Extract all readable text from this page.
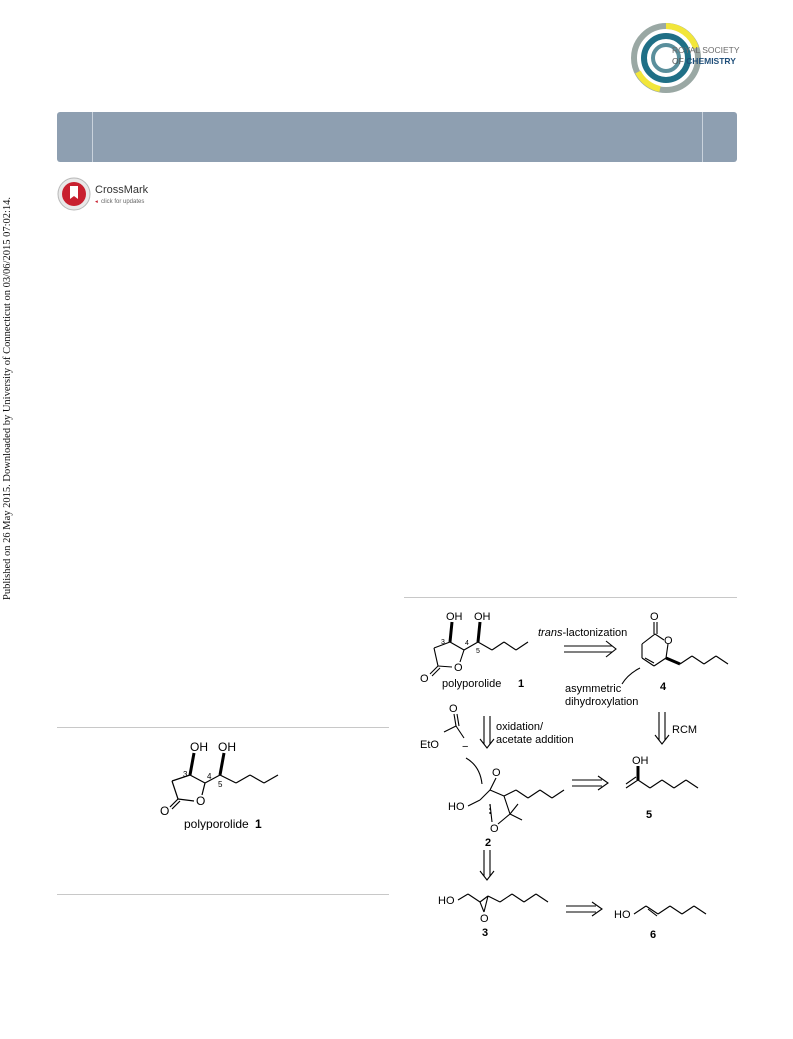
ROYAL SOCIETY
OF CHEMISTRY
CrossMark
◂ click for updates
Published on 26 May 2015. Downloaded by University of Connecticut on 03/06/2015 07:02:14.
OH OH
3 4
5
O
O
polyporolide 1
OH OH
3	4
5
O
O polyporolide 1
trans-lactonization
O
O
4
asymmetric
dihydroxylation
EtO
O
−
oxidation/
acetate addition
RCM
HO
O
O
2
OH
5
HO
O
3
HO
6
